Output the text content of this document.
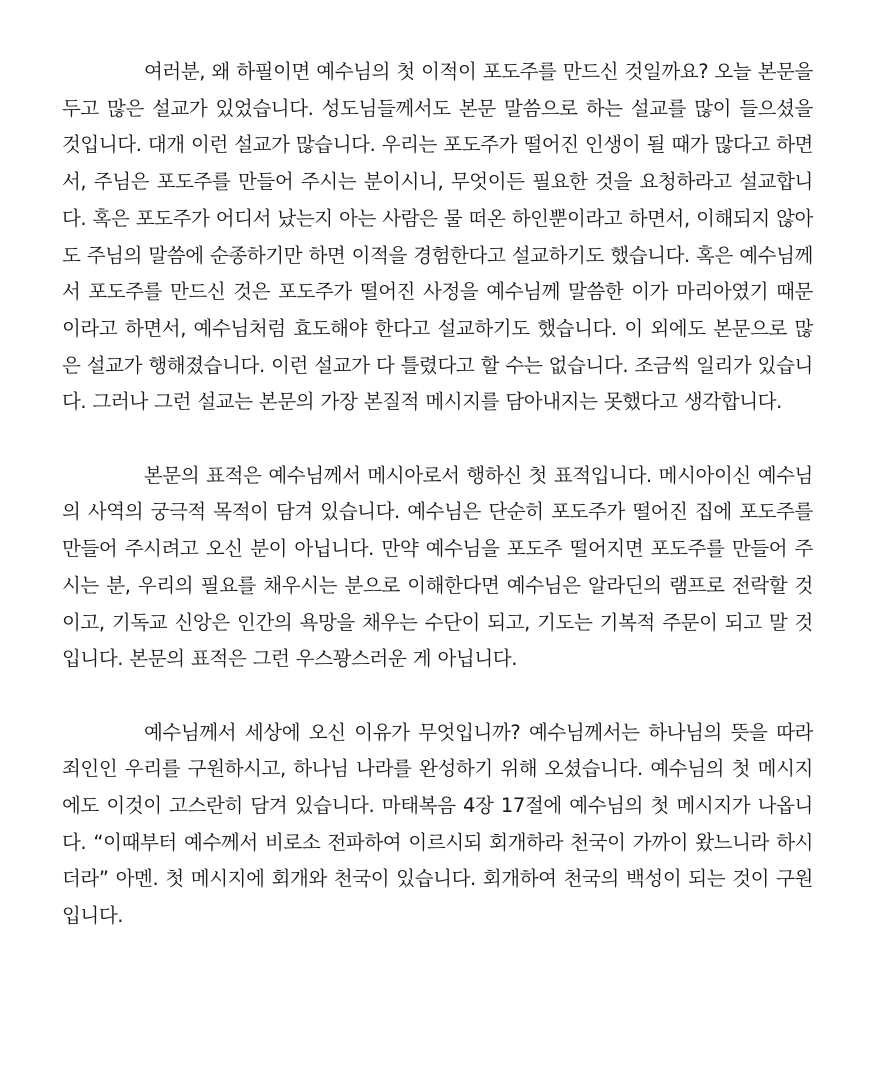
여러분, 왜 하필이면 예수님의 첫 이적이 포도주를 만드신 것일까요? 오늘 본문을 두고 많은 설교가 있었습니다. 성도님들께서도 본문 말씀으로 하는 설교를 많이 들으셨을 것입니다. 대개 이런 설교가 많습니다. 우리는 포도주가 떨어진 인생이 될 때가 많다고 하면서, 주님은 포도주를 만들어 주시는 분이시니, 무엇이든 필요한 것을 요청하라고 설교합니다. 혹은 포도주가 어디서 났는지 아는 사람은 물 떠온 하인뿐이라고 하면서, 이해되지 않아도 주님의 말씀에 순종하기만 하면 이적을 경험한다고 설교하기도 했습니다. 혹은 예수님께서 포도주를 만드신 것은 포도주가 떨어진 사정을 예수님께 말씀한 이가 마리아였기 때문이라고 하면서, 예수님처럼 효도해야 한다고 설교하기도 했습니다. 이 외에도 본문으로 많은 설교가 행해졌습니다. 이런 설교가 다 틀렸다고 할 수는 없습니다. 조금씩 일리가 있습니다. 그러나 그런 설교는 본문의 가장 본질적 메시지를 담아내지는 못했다고 생각합니다.

본문의 표적은 예수님께서 메시아로서 행하신 첫 표적입니다. 메시아이신 예수님의 사역의 궁극적 목적이 담겨 있습니다. 예수님은 단순히 포도주가 떨어진 집에 포도주를 만들어 주시려고 오신 분이 아닙니다. 만약 예수님을 포도주 떨어지면 포도주를 만들어 주시는 분, 우리의 필요를 채우시는 분으로 이해한다면 예수님은 알라딘의 램프로 전락할 것이고, 기독교 신앙은 인간의 욕망을 채우는 수단이 되고, 기도는 기복적 주문이 되고 말 것입니다. 본문의 표적은 그런 우스꽝스러운 게 아닙니다.

예수님께서 세상에 오신 이유가 무엇입니까? 예수님께서는 하나님의 뜻을 따라 죄인인 우리를 구원하시고, 하나님 나라를 완성하기 위해 오셨습니다. 예수님의 첫 메시지에도 이것이 고스란히 담겨 있습니다. 마태복음 4장 17절에 예수님의 첫 메시지가 나옵니다. “이때부터 예수께서 비로소 전파하여 이르시되 회개하라 천국이 가까이 왔느니라 하시더라” 아멘. 첫 메시지에 회개와 천국이 있습니다. 회개하여 천국의 백성이 되는 것이 구원입니다.
